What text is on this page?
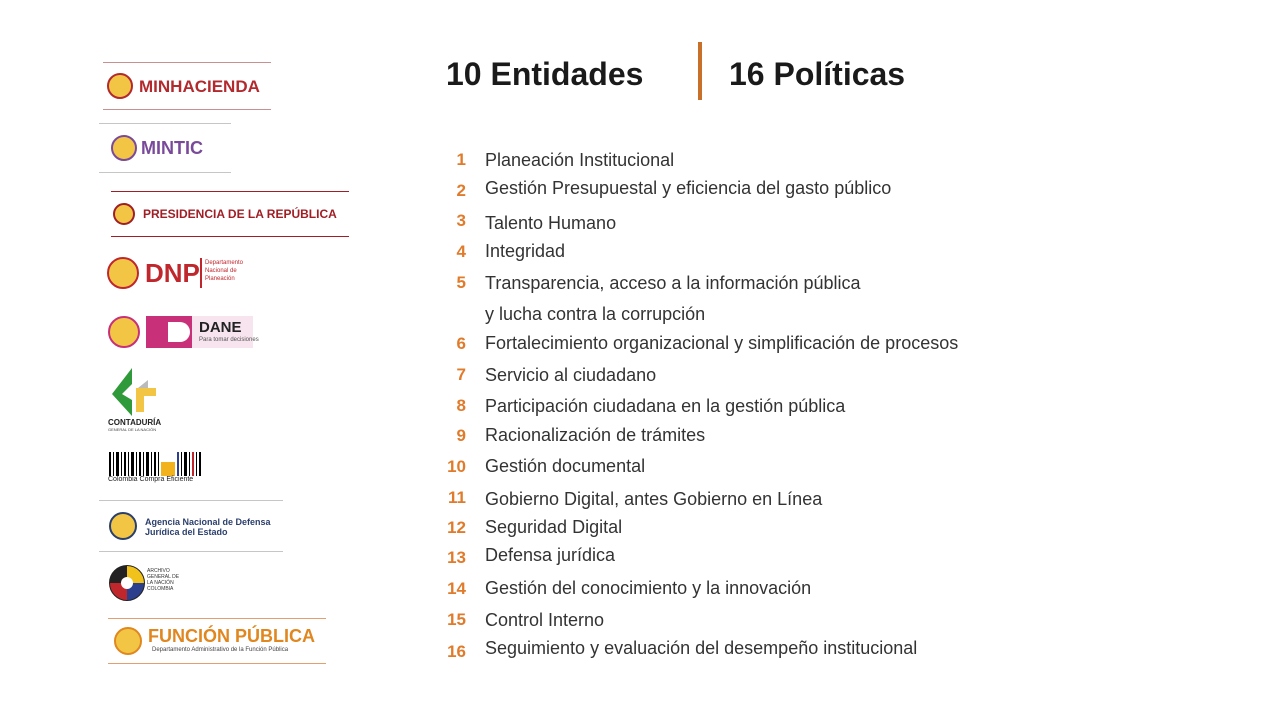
10 Entidades	16 Políticas
1 Planeación Institucional
2 Gestión Presupuestal y eficiencia del gasto público
3 Talento Humano
4 Integridad
5 Transparencia, acceso a la información pública
y lucha contra la corrupción
6 Fortalecimiento organizacional y simplificación de procesos
7 Servicio al ciudadano
8 Participación ciudadana en la gestión pública
9 Racionalización de trámites
10 Gestión documental
11 Gobierno Digital, antes Gobierno en Línea
12 Seguridad Digital
13 Defensa jurídica
14 Gestión del conocimiento y la innovación
15 Control Interno
16 Seguimiento y evaluación del desempeño institucional
MINHACIENDA
MINTIC
PRESIDENCIA DE LA REPÚBLICA
DNP Departamento Nacional de Planeación
DANE
Para tomar decisiones
CONTADURÍA
GENERAL DE LA NACIÓN
Colombia Compra Eficiente
Agencia Nacional de Defensa Jurídica del Estado
ARCHIVO GENERAL DE LA NACIÓN COLOMBIA
FUNCIÓN PÚBLICA
Departamento Administrativo de la Función Pública
